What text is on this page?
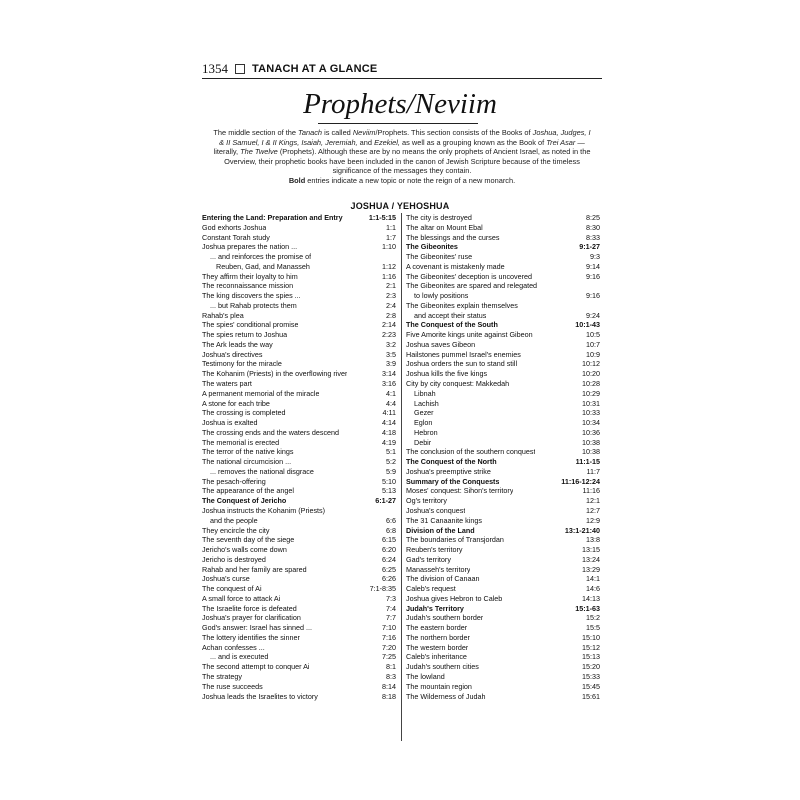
1354 TANACH AT A GLANCE
Prophets/Neviim
The middle section of the Tanach is called Neviim/Prophets. This section consists of the Books of Joshua, Judges, I & II Samuel, I & II Kings, Isaiah, Jeremiah, and Ezekiel, as well as a grouping known as the Book of Trei Asar — literally, The Twelve (Prophets). Although these are by no means the only prophets of Ancient Israel, as noted in the Overview, their prophetic books have been included in the canon of Jewish Scripture because of the timeless significance of the messages they contain.
Bold entries indicate a new topic or note the reign of a new monarch.
JOSHUA / YEHOSHUA
Entering the Land: Preparation and Entry	1:1-5:15
God exhorts Joshua	1:1
Constant Torah study	1:7
Joshua prepares the nation ...	1:10
... and reinforces the promise of
Reuben, Gad, and Manasseh	1:12
They affirm their loyalty to him	1:16
The reconnaissance mission	2:1
The king discovers the spies ...	2:3
... but Rahab protects them	2:4
Rahab's plea	2:8
The spies' conditional promise	2:14
The spies return to Joshua	2:23
The Ark leads the way	3:2
Joshua's directives	3:5
Testimony for the miracle	3:9
The Kohanim (Priests) in the overflowing river	3:14
The waters part	3:16
A permanent memorial of the miracle	4:1
A stone for each tribe	4:4
The crossing is completed	4:11
Joshua is exalted	4:14
The crossing ends and the waters descend	4:18
The memorial is erected	4:19
The terror of the native kings	5:1
The national circumcision ...	5:2
... removes the national disgrace	5:9
The pesach-offering	5:10
The appearance of the angel	5:13
The Conquest of Jericho	6:1-27
Joshua instructs the Kohanim (Priests)
and the people	6:6
They encircle the city	6:8
The seventh day of the siege	6:15
Jericho's walls come down	6:20
Jericho is destroyed	6:24
Rahab and her family are spared	6:25
Joshua's curse	6:26
The conquest of Ai	7:1-8:35
A small force to attack Ai	7:3
The Israelite force is defeated	7:4
Joshua's prayer for clarification	7:7
God's answer: Israel has sinned ...	7:10
The lottery identifies the sinner	7:16
Achan confesses ...	7:20
... and is executed	7:25
The second attempt to conquer Ai	8:1
The strategy	8:3
The ruse succeeds	8:14
Joshua leads the Israelites to victory	8:18
The city is destroyed	8:25
The altar on Mount Ebal	8:30
The blessings and the curses	8:33
The Gibeonites	9:1-27
The Gibeonites' ruse	9:3
A covenant is mistakenly made	9:14
The Gibeonites' deception is uncovered	9:16
The Gibeonites are spared and relegated
to lowly positions	9:16
The Gibeonites explain themselves
and accept their status	9:24
The Conquest of the South	10:1-43
Five Amorite kings unite against Gibeon	10:5
Joshua saves Gibeon	10:7
Hailstones pummel Israel's enemies	10:9
Joshua orders the sun to stand still	10:12
Joshua kills the five kings	10:20
City by city conquest: Makkedah	10:28
Libnah	10:29
Lachish	10:31
Gezer	10:33
Eglon	10:34
Hebron	10:36
Debir	10:38
The conclusion of the southern conquest	10:38
The Conquest of the North	11:1-15
Joshua's preemptive strike	11:7
Summary of the Conquests	11:16-12:24
Moses' conquest: Sihon's territory	11:16
Og's territory	12:1
Joshua's conquest	12:7
The 31 Canaanite kings	12:9
Division of the Land	13:1-21:40
The boundaries of Transjordan	13:8
Reuben's territory	13:15
Gad's territory	13:24
Manasseh's territory	13:29
The division of Canaan	14:1
Caleb's request	14:6
Joshua gives Hebron to Caleb	14:13
Judah's Territory	15:1-63
Judah's southern border	15:2
The eastern border	15:5
The northern border	15:10
The western border	15:12
Caleb's inheritance	15:13
Judah's southern cities	15:20
The lowland	15:33
The mountain region	15:45
The Wilderness of Judah	15:61
